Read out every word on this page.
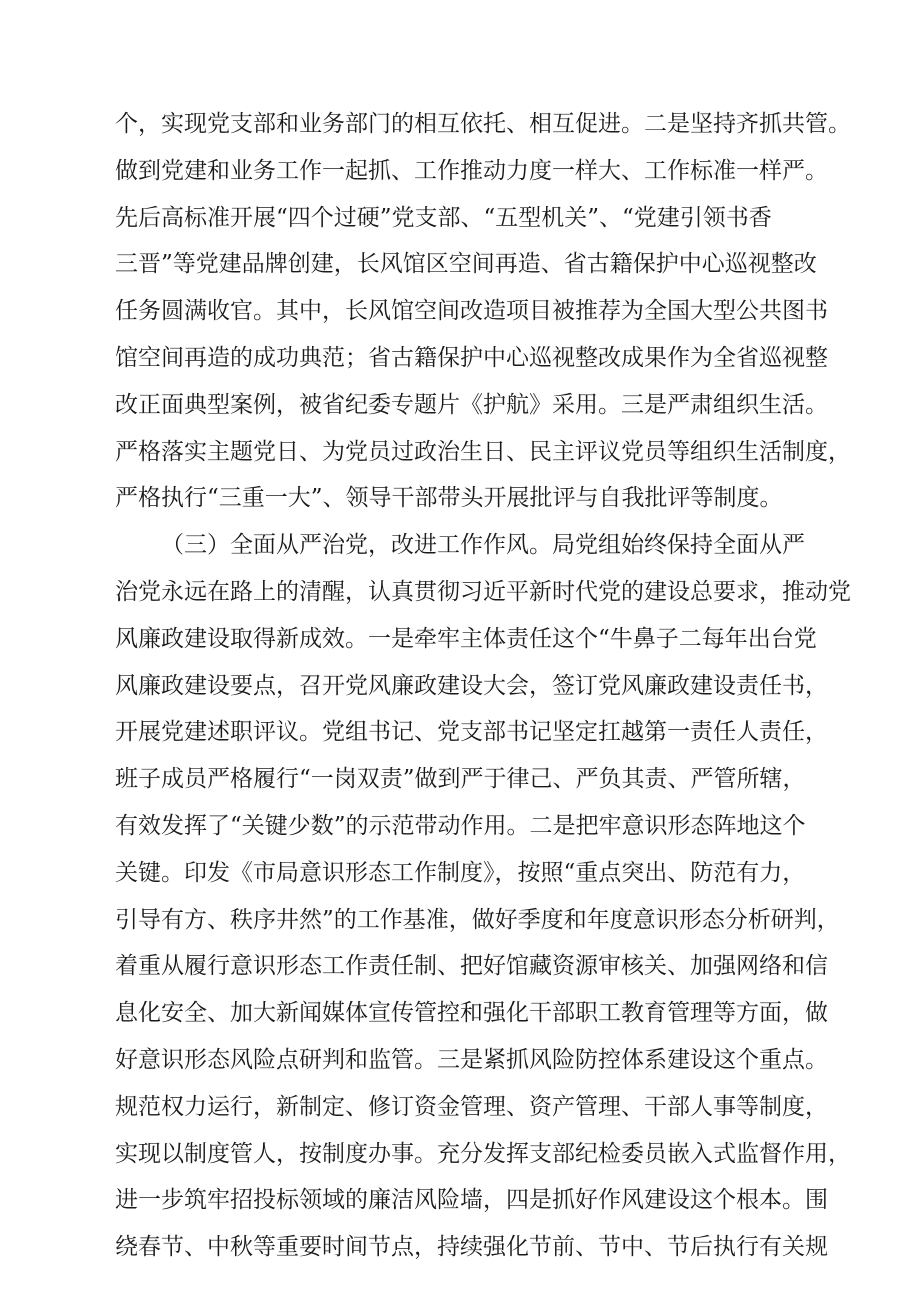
个，实现党支部和业务部门的相互依托、相互促进。二是坚持齐抓共管。
做到党建和业务工作一起抓、工作推动力度一样大、工作标准一样严。
先后高标准开展“四个过硬”党支部、“五型机关”、“党建引领书香
三晋”等党建品牌创建，长风馆区空间再造、省古籍保护中心巡视整改
任务圆满收官。其中，长风馆空间改造项目被推荐为全国大型公共图书
馆空间再造的成功典范；省古籍保护中心巡视整改成果作为全省巡视整
改正面典型案例，被省纪委专题片《护航》采用。三是严肃组织生活。
严格落实主题党日、为党员过政治生日、民主评议党员等组织生活制度，
严格执行“三重一大”、领导干部带头开展批评与自我批评等制度。
（三）全面从严治党，改进工作作风。局党组始终保持全面从严
治党永远在路上的清醒，认真贯彻习近平新时代党的建设总要求，推动党
风廉政建设取得新成效。一是牵牢主体责任这个“牛鼻子二每年出台党
风廉政建设要点，召开党风廉政建设大会，签订党风廉政建设责任书，
开展党建述职评议。党组书记、党支部书记坚定扛越第一责任人责任，
班子成员严格履行“一岗双责”做到严于律己、严负其责、严管所辖，
有效发挥了“关键少数”的示范带动作用。二是把牢意识形态阵地这个
关键。印发《市局意识形态工作制度》，按照“重点突出、防范有力，
引导有方、秩序井然”的工作基准，做好季度和年度意识形态分析研判，
着重从履行意识形态工作责任制、把好馆藏资源审核关、加强网络和信
息化安全、加大新闻媒体宣传管控和强化干部职工教育管理等方面，做
好意识形态风险点研判和监管。三是紧抓风险防控体系建设这个重点。
规范权力运行，新制定、修订资金管理、资产管理、干部人事等制度，
实现以制度管人，按制度办事。充分发挥支部纪检委员嵌入式监督作用，
进一步筑牢招投标领域的廉洁风险墙，四是抓好作风建设这个根本。围
绕春节、中秋等重要时间节点，持续强化节前、节中、节后执行有关规
